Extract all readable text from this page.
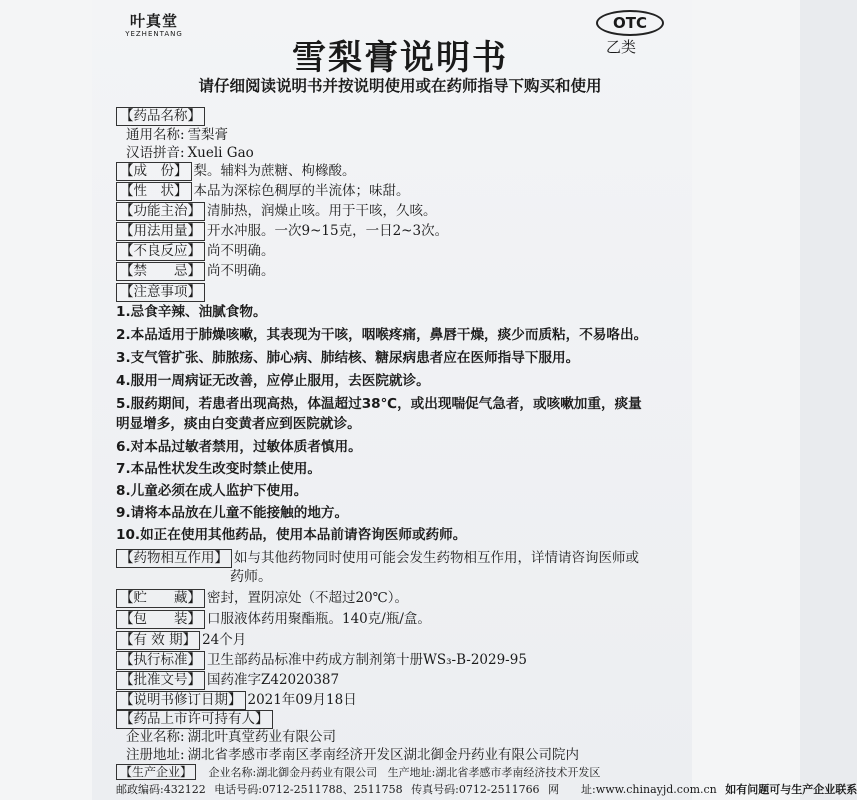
叶真堂
YEZHENTANG
OTC
乙类
雪梨膏说明书
请仔细阅读说明书并按说明使用或在药师指导下购买和使用
【药品名称】
通用名称: 雪梨膏
汉语拼音: Xueli Gao
【成　份】 梨。辅料为蔗糖、枸橼酸。
【性　状】 本品为深棕色稠厚的半流体；味甜。
【功能主治】 清肺热，润燥止咳。用于干咳，久咳。
【用法用量】 开水冲服。一次9~15克，一日2~3次。
【不良反应】 尚不明确。
【禁　　忌】 尚不明确。
【注意事项】
1.忌食辛辣、油腻食物。
2.本品适用于肺燥咳嗽，其表现为干咳，咽喉疼痛，鼻唇干燥，痰少而质粘，不易咯出。
3.支气管扩张、肺脓疡、肺心病、肺结核、糖尿病患者应在医师指导下服用。
4.服用一周病证无改善，应停止服用，去医院就诊。
5.服药期间，若患者出现高热，体温超过38℃，或出现喘促气急者，或咳嗽加重，痰量
明显增多，痰由白变黄者应到医院就诊。
6.对本品过敏者禁用，过敏体质者慎用。
7.本品性状发生改变时禁止使用。
8.儿童必须在成人监护下使用。
9.请将本品放在儿童不能接触的地方。
10.如正在使用其他药品，使用本品前请咨询医师或药师。
【药物相互作用】 如与其他药物同时使用可能会发生药物相互作用，详情请咨询医师或
药师。
【贮　　藏】 密封，置阴凉处（不超过20℃）。
【包　　装】 口服液体药用聚酯瓶。140克/瓶/盒。
【有 效 期】 24个月
【执行标准】 卫生部药品标准中药成方制剂第十册WS₃-B-2029-95
【批准文号】 国药准字Z42020387
【说明书修订日期】 2021年09月18日
【药品上市许可持有人】
企业名称: 湖北叶真堂药业有限公司
注册地址: 湖北省孝感市孝南区孝南经济开发区湖北御金丹药业有限公司院内
【生产企业】 企业名称:湖北御金丹药业有限公司 生产地址:湖北省孝感市孝南经济技术开发区
邮政编码:432122 电话号码:0712-2511788、2511758 传真号码:0712-2511766 网　　址:www.chinayjd.com.cn 如有问题可与生产企业联系
